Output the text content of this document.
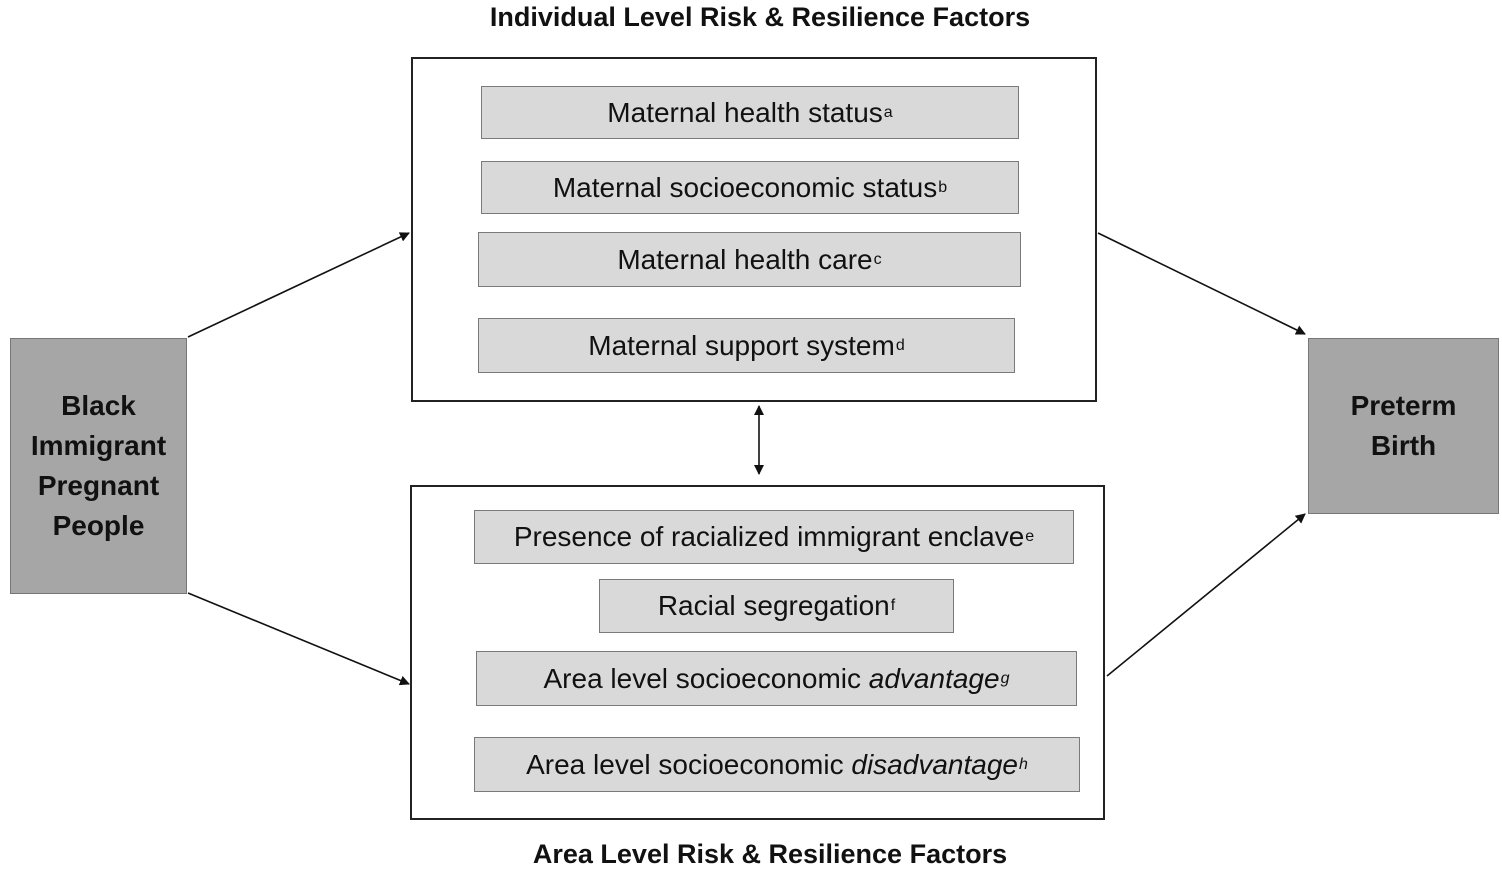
Individual Level Risk & Resilience Factors
Maternal health status a
Maternal socioeconomic status b
Maternal health care c
Maternal support system d
Presence of racialized immigrant enclave e
Racial segregation f
Area level socioeconomic advantage g
Area level socioeconomic disadvantage h
Area Level Risk & Resilience Factors
Black
Immigrant
Pregnant
People
Preterm
Birth
